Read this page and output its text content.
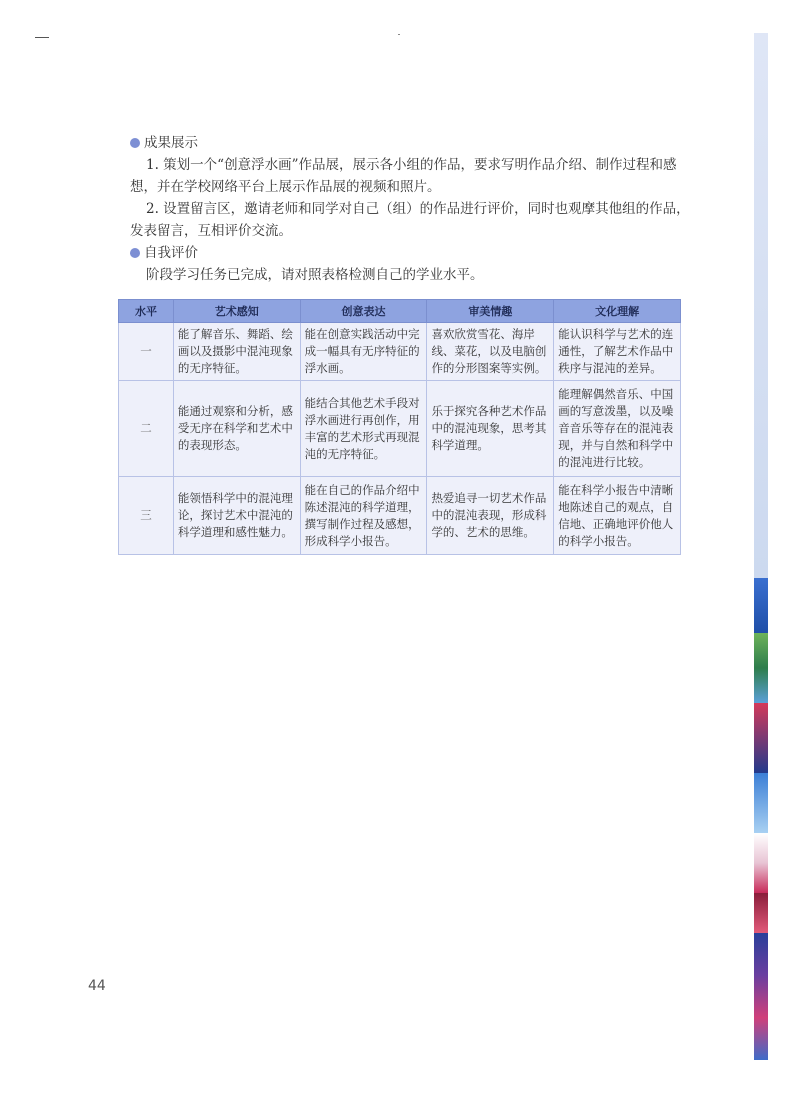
成果展示

1. 策划一个“创意浮水画”作品展，展示各小组的作品，要求写明作品介绍、制作过程和感想，并在学校网络平台上展示作品展的视频和照片。

2. 设置留言区，邀请老师和同学对自己（组）的作品进行评价，同时也观摩其他组的作品，发表留言，互相评价交流。

自我评价

阶段学习任务已完成，请对照表格检测自己的学业水平。

水平	艺术感知	创意表达	审美情趣	文化理解
一	能了解音乐、舞蹈、绘画以及摄影中混沌现象的无序特征。	能在创意实践活动中完成一幅具有无序特征的浮水画。	喜欢欣赏雪花、海岸线、菜花，以及电脑创作的分形图案等实例。	能认识科学与艺术的连通性，了解艺术作品中秩序与混沌的差异。
二	能通过观察和分析，感受无序在科学和艺术中的表现形态。	能结合其他艺术手段对浮水画进行再创作，用丰富的艺术形式再现混沌的无序特征。	乐于探究各种艺术作品中的混沌现象，思考其科学道理。	能理解偶然音乐、中国画的写意泼墨，以及噪音音乐等存在的混沌表现，并与自然和科学中的混沌进行比较。
三	能领悟科学中的混沌理论，探讨艺术中混沌的科学道理和感性魅力。	能在自己的作品介绍中陈述混沌的科学道理，撰写制作过程及感想，形成科学小报告。	热爱追寻一切艺术作品中的混沌表现，形成科学的、艺术的思维。	能在科学小报告中清晰地陈述自己的观点，自信地、正确地评价他人的科学小报告。
44
